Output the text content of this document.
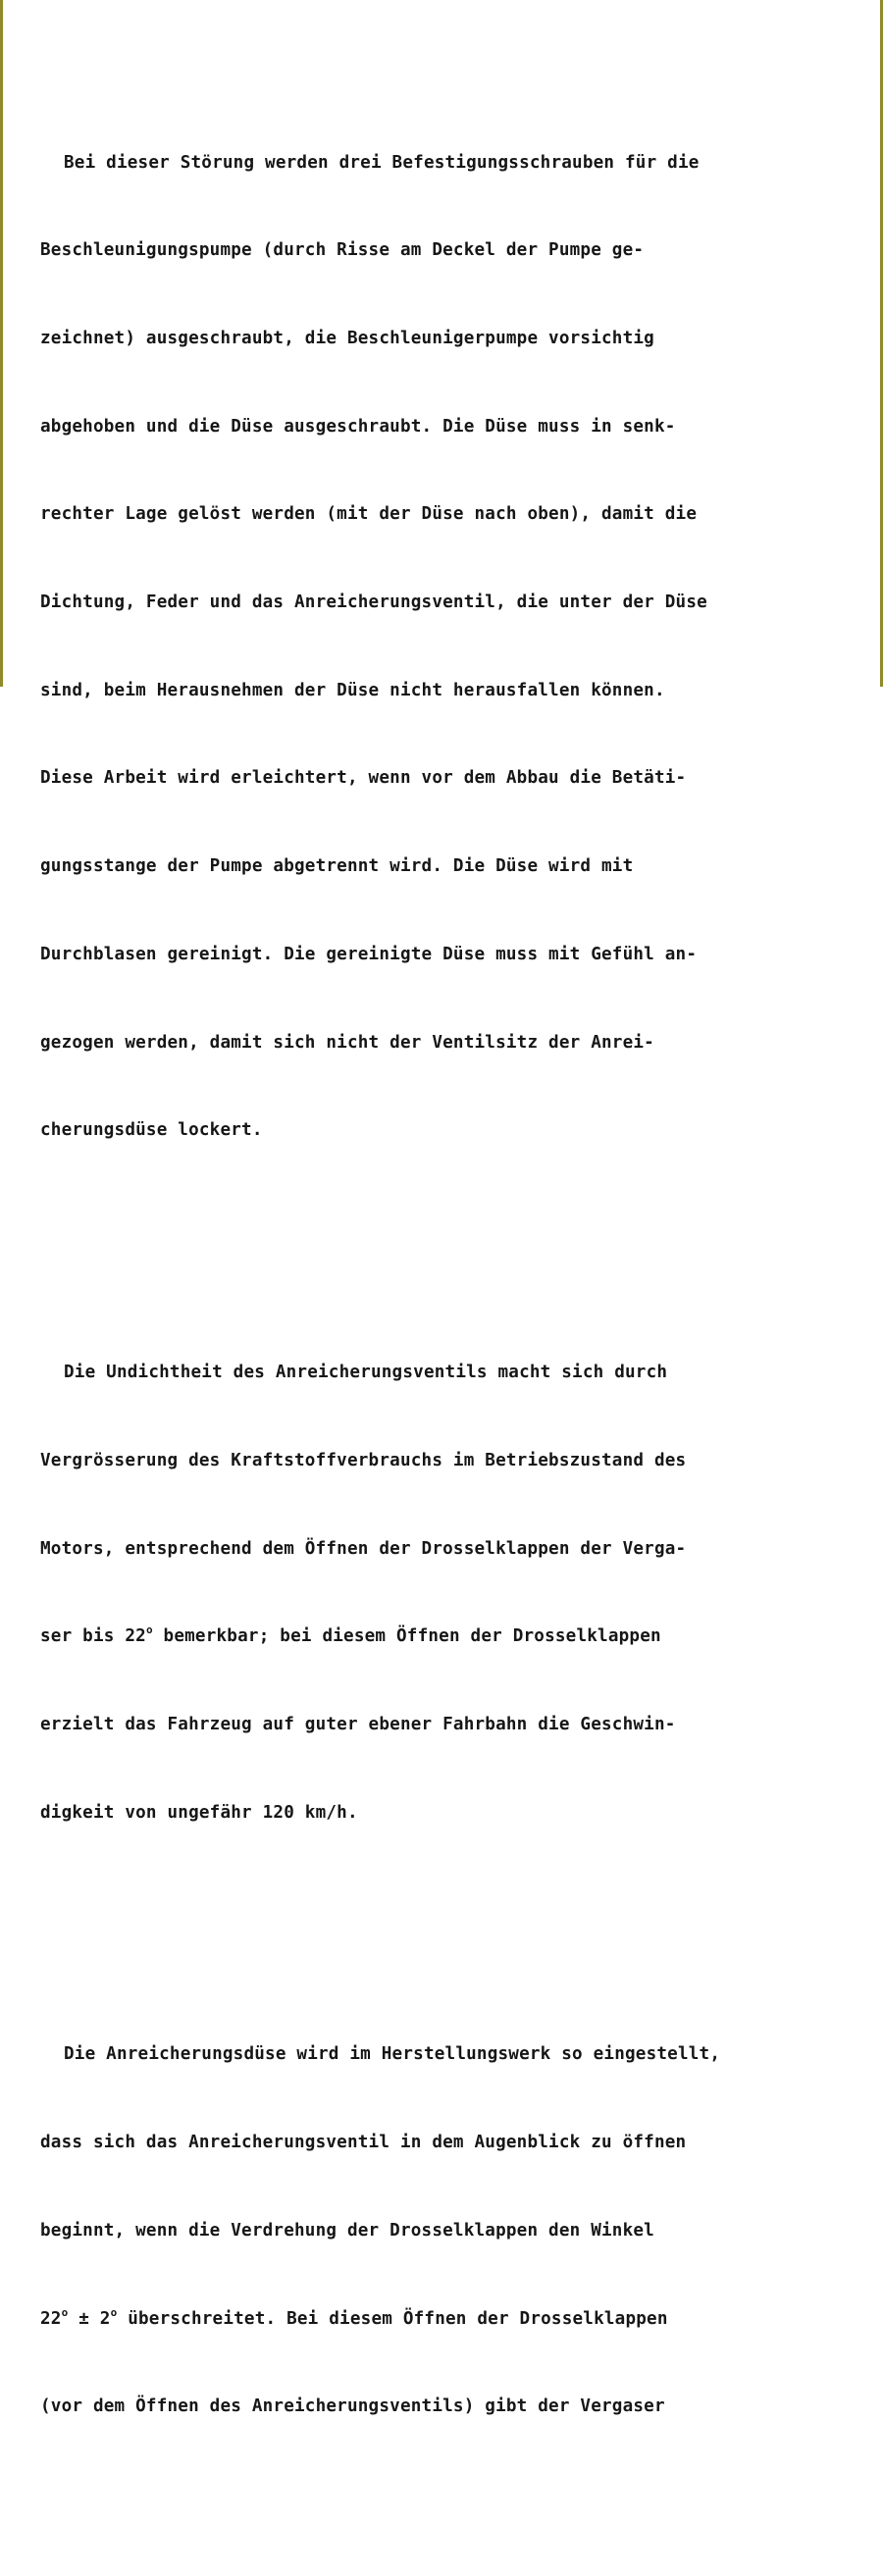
Bei dieser Störung werden drei Befestigungsschrauben für die

Beschleunigungspumpe (durch Risse am Deckel der Pumpe ge-

zeichnet) ausgeschraubt, die Beschleunigerpumpe vorsichtig

abgehoben und die Düse ausgeschraubt. Die Düse muss in senk-

rechter Lage gelöst werden (mit der Düse nach oben), damit die

Dichtung, Feder und das Anreicherungsventil, die unter der Düse

sind, beim Herausnehmen der Düse nicht herausfallen können.

Diese Arbeit wird erleichtert, wenn vor dem Abbau die Betäti-

gungsstange der Pumpe abgetrennt wird. Die Düse wird mit

Durchblasen gereinigt. Die gereinigte Düse muss mit Gefühl an-

gezogen werden, damit sich nicht der Ventilsitz der Anrei-

cherungsdüse lockert.

Die Undichtheit des Anreicherungsventils macht sich durch

Vergrösserung des Kraftstoffverbrauchs im Betriebszustand des

Motors, entsprechend dem Öffnen der Drosselklappen der Verga-

ser bis 22$^o$ bemerkbar; bei diesem Öffnen der Drosselklappen

erzielt das Fahrzeug auf guter ebener Fahrbahn die Geschwin-

digkeit von ungefähr 120 km/h.

Die Anreicherungsdüse wird im Herstellungswerk so eingestellt,

dass sich das Anreicherungsventil in dem Augenblick zu öffnen

beginnt, wenn die Verdrehung der Drosselklappen den Winkel

$22^o \pm 2^o$ überschreitet. Bei diesem Öffnen der Drosselklappen

(vor dem Öffnen des Anreicherungsventils) gibt der Vergaser
